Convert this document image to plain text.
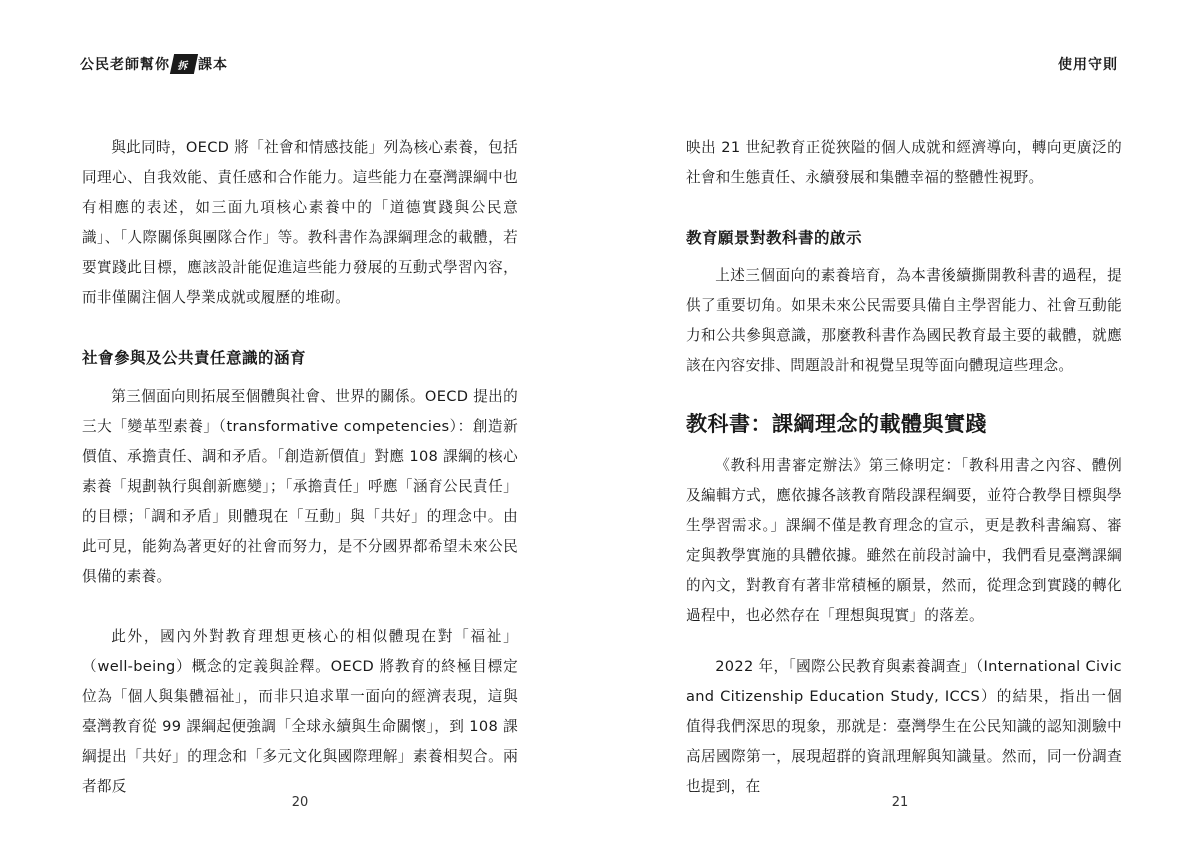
公民老師幫你 拆 課本

與此同時，OECD 將「社會和情感技能」列為核心素養，包括同理心、自我效能、責任感和合作能力。這些能力在臺灣課綱中也有相應的表述，如三面九項核心素養中的「道德實踐與公民意識」、「人際關係與團隊合作」等。教科書作為課綱理念的載體，若要實踐此目標，應該設計能促進這些能力發展的互動式學習內容，而非僅關注個人學業成就或履歷的堆砌。

社會參與及公共責任意識的涵育

第三個面向則拓展至個體與社會、世界的關係。OECD 提出的三大「變革型素養」（transformative competencies）：創造新價值、承擔責任、調和矛盾。「創造新價值」對應 108 課綱的核心素養「規劃執行與創新應變」；「承擔責任」呼應「涵育公民責任」的目標；「調和矛盾」則體現在「互動」與「共好」的理念中。由此可見，能夠為著更好的社會而努力，是不分國界都希望未來公民俱備的素養。

此外，國內外對教育理想更核心的相似體現在對「福祉」（well-being）概念的定義與詮釋。OECD 將教育的終極目標定位為「個人與集體福祉」，而非只追求單一面向的經濟表現，這與臺灣教育從 99 課綱起便強調「全球永續與生命關懷」，到 108 課綱提出「共好」的理念和「多元文化與國際理解」素養相契合。兩者都反

20
使用守則

映出 21 世紀教育正從狹隘的個人成就和經濟導向，轉向更廣泛的社會和生態責任、永續發展和集體幸福的整體性視野。

教育願景對教科書的啟示

上述三個面向的素養培育，為本書後續撕開教科書的過程，提供了重要切角。如果未來公民需要具備自主學習能力、社會互動能力和公共參與意識，那麼教科書作為國民教育最主要的載體，就應該在內容安排、問題設計和視覺呈現等面向體現這些理念。

教科書：課綱理念的載體與實踐

《教科用書審定辦法》第三條明定：「教科用書之內容、體例及編輯方式，應依據各該教育階段課程綱要，並符合教學目標與學生學習需求。」課綱不僅是教育理念的宣示，更是教科書編寫、審定與教學實施的具體依據。雖然在前段討論中，我們看見臺灣課綱的內文，對教育有著非常積極的願景，然而，從理念到實踐的轉化過程中，也必然存在「理想與現實」的落差。

2022 年，「國際公民教育與素養調查」（International Civic and Citizenship Education Study, ICCS）的結果，指出一個值得我們深思的現象，那就是：臺灣學生在公民知識的認知測驗中高居國際第一，展現超群的資訊理解與知識量。然而，同一份調查也提到，在

21
